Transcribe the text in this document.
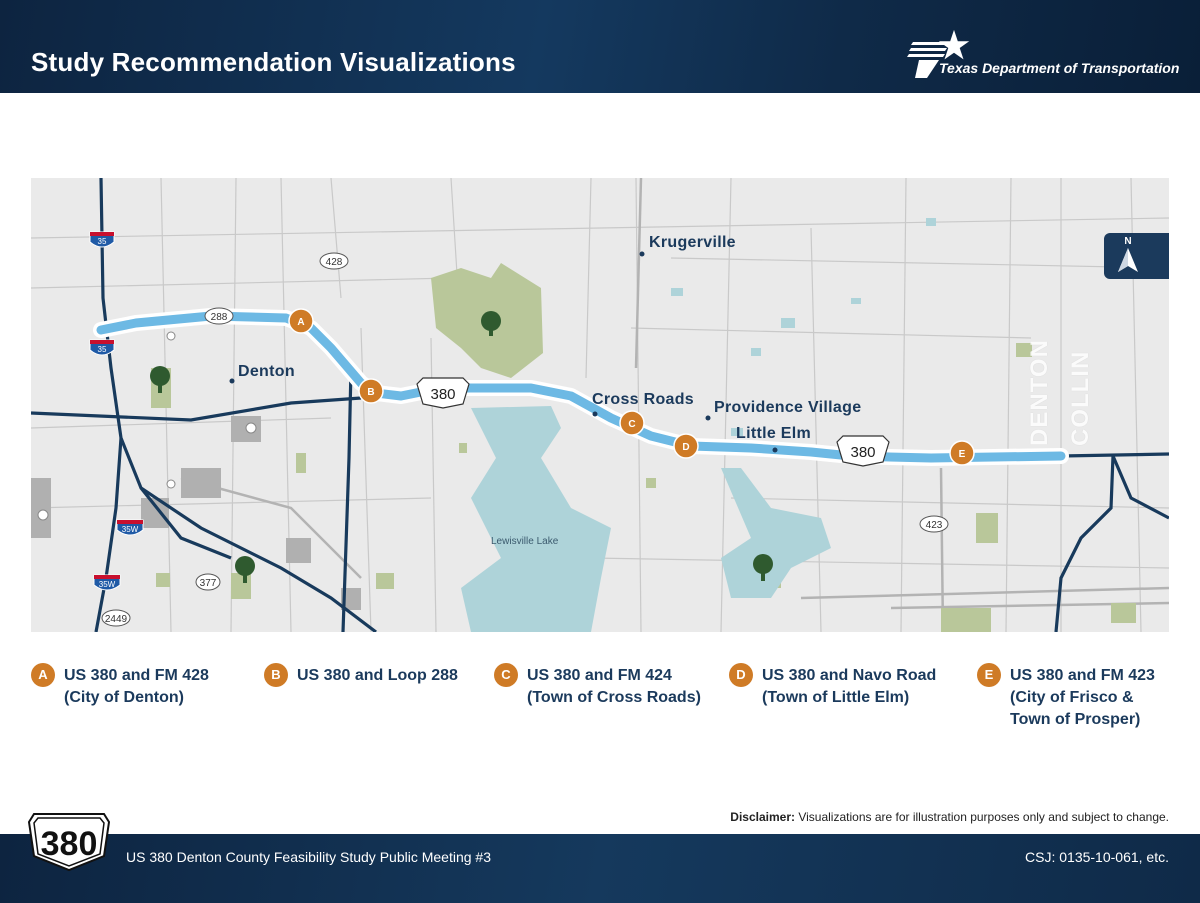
Study Recommendation Visualizations	Texas Department of Transportation
428
288
423
377
2449
35
35
35W
35W
380
380
A
B
C
D
E
Krugerville
Denton
Cross Roads Providence Village
Little Elm
Lewisville Lake
DENTON COLLIN
N
A	US 380 and FM 428
(City of Denton)
B	US 380 and Loop 288	C	US 380 and FM 424
(Town of Cross Roads)
D	US 380 and Navo Road
(Town of Little Elm)
E	US 380 and FM 423
(City of Frisco &
Town of Prosper)
Disclaimer: Visualizations are for illustration purposes only and subject to change.
US 380 Denton County Feasibility Study Public Meeting #3	CSJ: 0135-10-061, etc.
380
